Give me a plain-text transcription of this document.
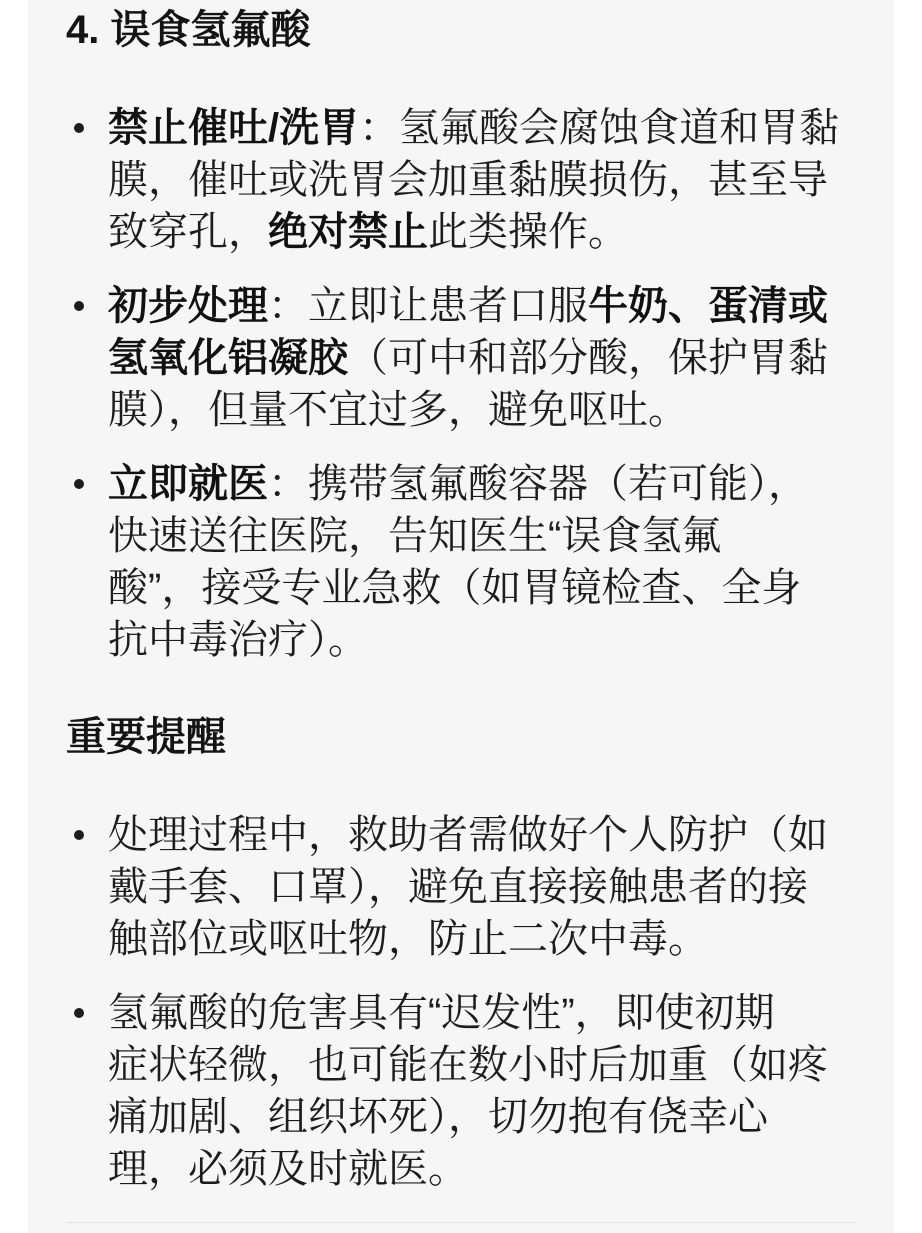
4. 误食氢氟酸
禁止催吐/洗胃：氢氟酸会腐蚀食道和胃黏
膜，催吐或洗胃会加重黏膜损伤，甚至导
致穿孔，绝对禁止此类操作。
初步处理：立即让患者口服牛奶、蛋清或
氢氧化铝凝胶（可中和部分酸，保护胃黏
膜），但量不宜过多，避免呕吐。
立即就医：携带氢氟酸容器（若可能），
快速送往医院，告知医生“误食氢氟
酸”，接受专业急救（如胃镜检查、全身
抗中毒治疗）。
重要提醒
处理过程中，救助者需做好个人防护（如
戴手套、口罩），避免直接接触患者的接
触部位或呕吐物，防止二次中毒。
氢氟酸的危害具有“迟发性”，即使初期
症状轻微，也可能在数小时后加重（如疼
痛加剧、组织坏死），切勿抱有侥幸心
理，必须及时就医。
